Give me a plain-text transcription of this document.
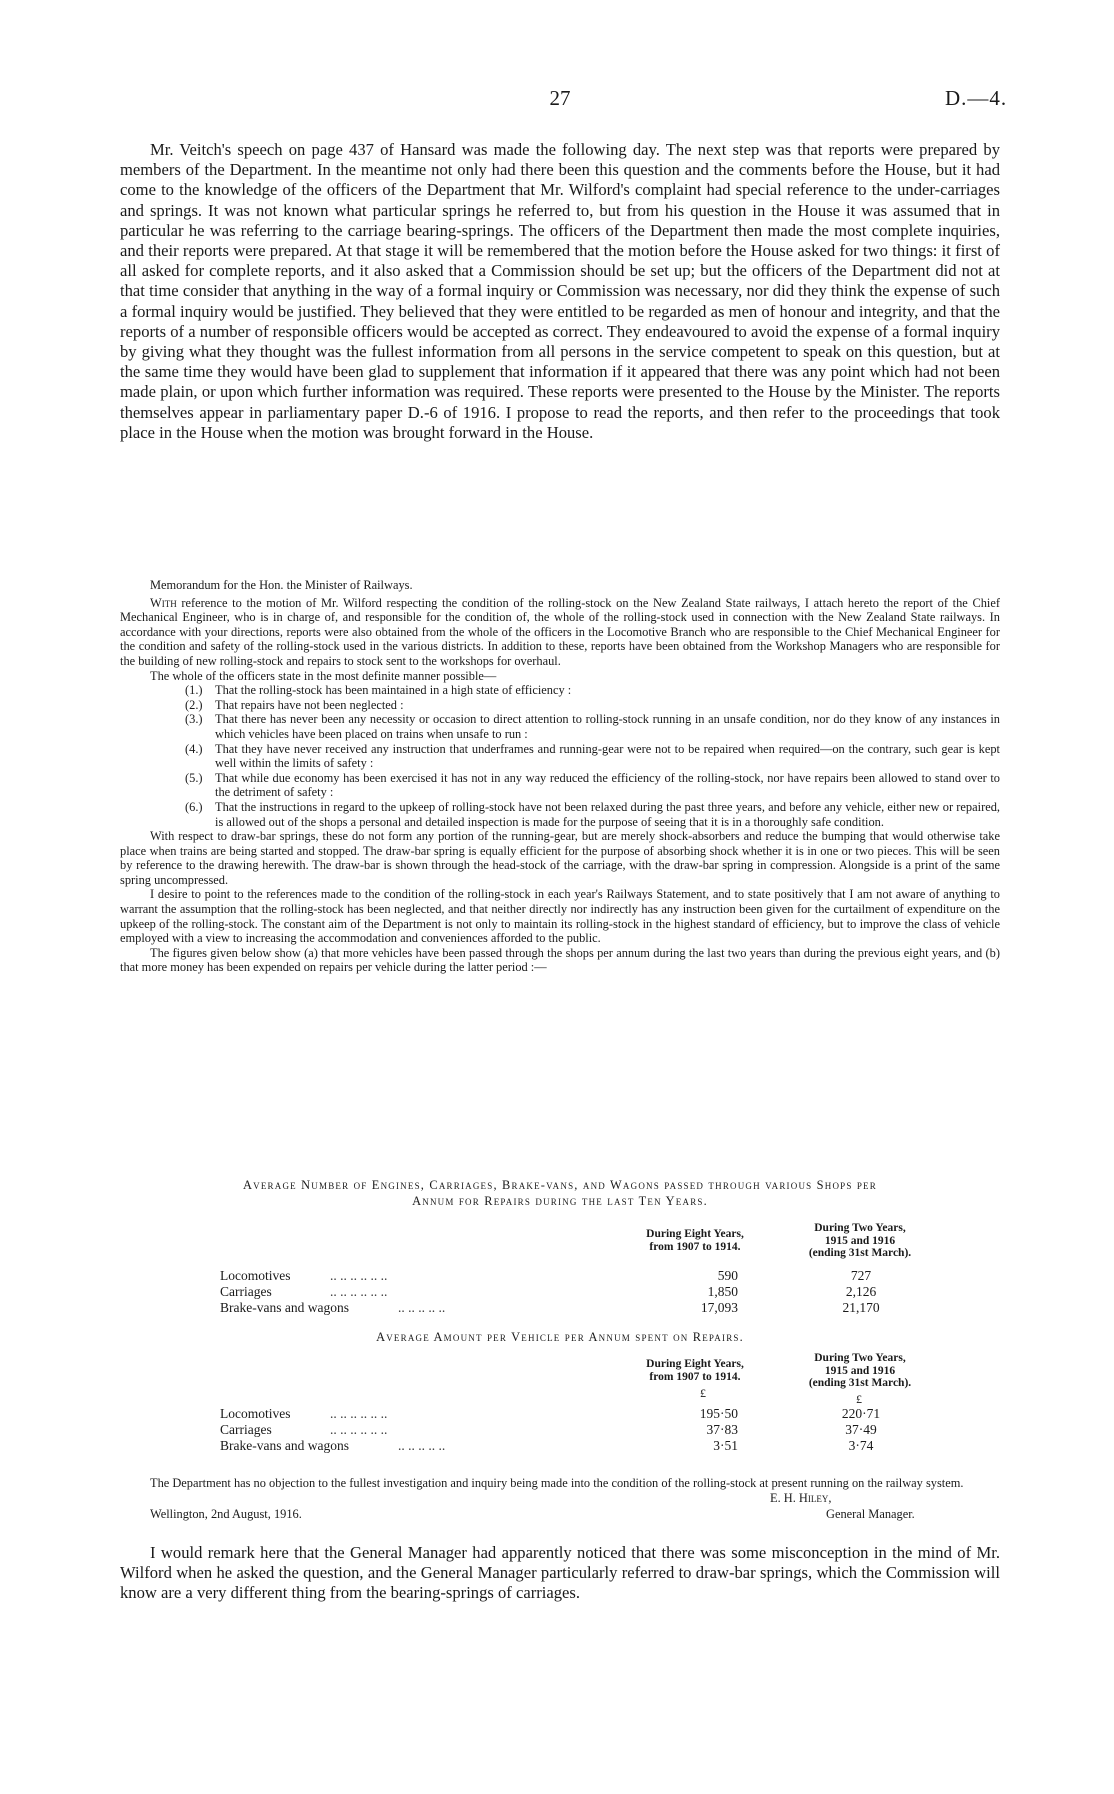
27	D.—4.

Mr. Veitch's speech on page 437 of Hansard was made the following day. The next step was that reports were prepared by members of the Department. In the meantime not only had there been this question and the comments before the House, but it had come to the knowledge of the officers of the Department that Mr. Wilford's complaint had special reference to the under-carriages and springs. It was not known what particular springs he referred to, but from his question in the House it was assumed that in particular he was referring to the carriage bearing-springs. The officers of the Department then made the most complete inquiries, and their reports were prepared. At that stage it will be remembered that the motion before the House asked for two things: it first of all asked for complete reports, and it also asked that a Commission should be set up; but the officers of the Department did not at that time consider that anything in the way of a formal inquiry or Commission was necessary, nor did they think the expense of such a formal inquiry would be justified. They believed that they were entitled to be regarded as men of honour and integrity, and that the reports of a number of responsible officers would be accepted as correct. They endeavoured to avoid the expense of a formal inquiry by giving what they thought was the fullest information from all persons in the service competent to speak on this question, but at the same time they would have been glad to supplement that information if it appeared that there was any point which had not been made plain, or upon which further information was required. These reports were presented to the House by the Minister. The reports themselves appear in parliamentary paper D.-6 of 1916. I propose to read the reports, and then refer to the proceedings that took place in the House when the motion was brought forward in the House.

Memorandum for the Hon. the Minister of Railways.

With reference to the motion of Mr. Wilford respecting the condition of the rolling-stock on the New Zealand State railways, I attach hereto the report of the Chief Mechanical Engineer, who is in charge of, and responsible for the condition of, the whole of the rolling-stock used in connection with the New Zealand State railways. In accordance with your directions, reports were also obtained from the whole of the officers in the Locomotive Branch who are responsible to the Chief Mechanical Engineer for the condition and safety of the rolling-stock used in the various districts. In addition to these, reports have been obtained from the Workshop Managers who are responsible for the building of new rolling-stock and repairs to stock sent to the workshops for overhaul.

The whole of the officers state in the most definite manner possible—

(1.) That the rolling-stock has been maintained in a high state of efficiency :
(2.) That repairs have not been neglected :
(3.) That there has never been any necessity or occasion to direct attention to rolling-stock running in an unsafe condition, nor do they know of any instances in which vehicles have been placed on trains when unsafe to run :
(4.) That they have never received any instruction that underframes and running-gear were not to be repaired when required—on the contrary, such gear is kept well within the limits of safety :
(5.) That while due economy has been exercised it has not in any way reduced the efficiency of the rolling-stock, nor have repairs been allowed to stand over to the detriment of safety :
(6.) That the instructions in regard to the upkeep of rolling-stock have not been relaxed during the past three years, and before any vehicle, either new or repaired, is allowed out of the shops a personal and detailed inspection is made for the purpose of seeing that it is in a thoroughly safe condition.

With respect to draw-bar springs, these do not form any portion of the running-gear, but are merely shock-absorbers and reduce the bumping that would otherwise take place when trains are being started and stopped. The draw-bar spring is equally efficient for the purpose of absorbing shock whether it is in one or two pieces. This will be seen by reference to the drawing herewith. The draw-bar is shown through the head-stock of the carriage, with the draw-bar spring in compression. Alongside is a print of the same spring uncompressed.

I desire to point to the references made to the condition of the rolling-stock in each year's Railways Statement, and to state positively that I am not aware of anything to warrant the assumption that the rolling-stock has been neglected, and that neither directly nor indirectly has any instruction been given for the curtailment of expenditure on the upkeep of the rolling-stock. The constant aim of the Department is not only to maintain its rolling-stock in the highest standard of efficiency, but to improve the class of vehicle employed with a view to increasing the accommodation and conveniences afforded to the public.

The figures given below show (a) that more vehicles have been passed through the shops per annum during the last two years than during the previous eight years, and (b) that more money has been expended on repairs per vehicle during the latter period :—

Average Number of Engines, Carriages, Brake-vans, and Wagons passed through various Shops per
Annum for Repairs during the last Ten Years.
During Eight Years,
from 1907 to 1914.
During Two Years,
1915 and 1916
(ending 31st March).
Locomotives	.. .. .. .. .. ..	590	727
Carriages	.. .. .. .. .. ..	1,850	2,126
Brake-vans and wagons	.. .. .. .. ..	17,093	21,170
Average Amount per Vehicle per Annum spent on Repairs.
During Eight Years,
from 1907 to 1914.
During Two Years,
1915 and 1916
(ending 31st March).
£	£
Locomotives	.. .. .. .. .. ..	195·50	220·71
Carriages	.. .. .. .. .. ..	37·83	37·49
Brake-vans and wagons	.. .. .. .. ..	3·51	3·74

The Department has no objection to the fullest investigation and inquiry being made into the condition of the rolling-stock at present running on the railway system.

E. H. Hiley,
Wellington, 2nd August, 1916.	General Manager.

I would remark here that the General Manager had apparently noticed that there was some misconception in the mind of Mr. Wilford when he asked the question, and the General Manager particularly referred to draw-bar springs, which the Commission will know are a very different thing from the bearing-springs of carriages.
